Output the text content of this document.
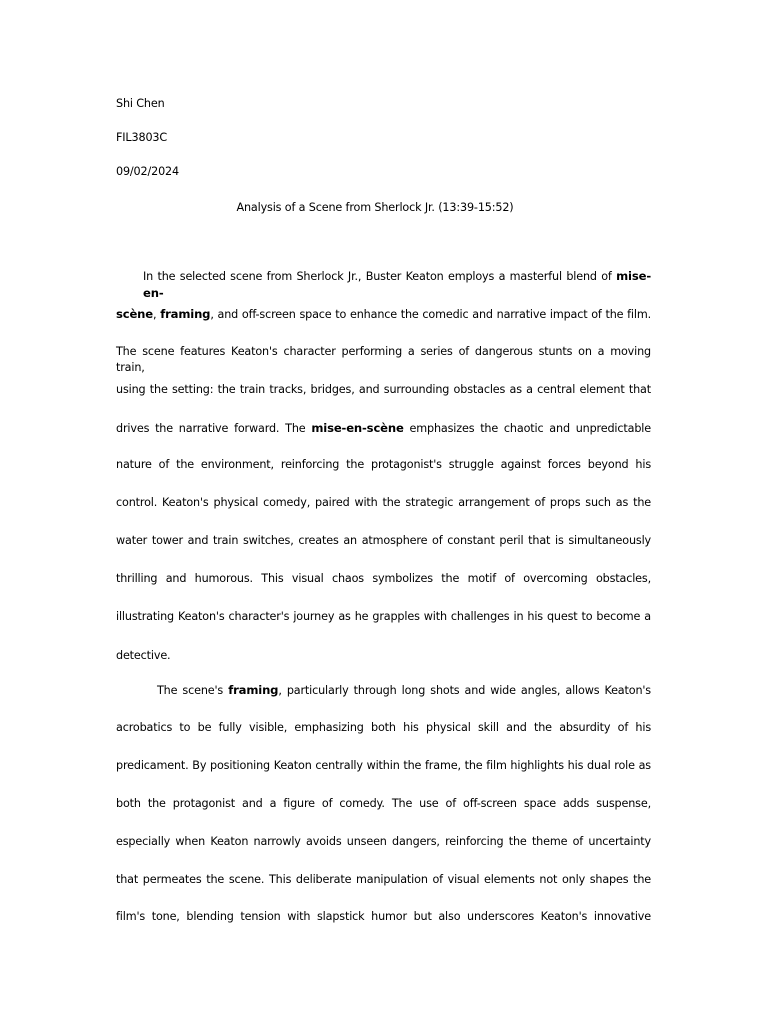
Shi Chen
FIL3803C
09/02/2024
Analysis of a Scene from Sherlock Jr. (13:39-15:52)
In the selected scene from Sherlock Jr., Buster Keaton employs a masterful blend of mise-en-
scène, framing, and off-screen space to enhance the comedic and narrative impact of the film.
The scene features Keaton's character performing a series of dangerous stunts on a moving train,
using the setting: the train tracks, bridges, and surrounding obstacles as a central element that
drives the narrative forward. The mise-en-scène emphasizes the chaotic and unpredictable
nature of the environment, reinforcing the protagonist's struggle against forces beyond his
control. Keaton's physical comedy, paired with the strategic arrangement of props such as the
water tower and train switches, creates an atmosphere of constant peril that is simultaneously
thrilling and humorous. This visual chaos symbolizes the motif of overcoming obstacles,
illustrating Keaton's character's journey as he grapples with challenges in his quest to become a
detective.
The scene's framing, particularly through long shots and wide angles, allows Keaton's
acrobatics to be fully visible, emphasizing both his physical skill and the absurdity of his
predicament. By positioning Keaton centrally within the frame, the film highlights his dual role as
both the protagonist and a figure of comedy. The use of off-screen space adds suspense,
especially when Keaton narrowly avoids unseen dangers, reinforcing the theme of uncertainty
that permeates the scene. This deliberate manipulation of visual elements not only shapes the
film's tone, blending tension with slapstick humor but also underscores Keaton's innovative
